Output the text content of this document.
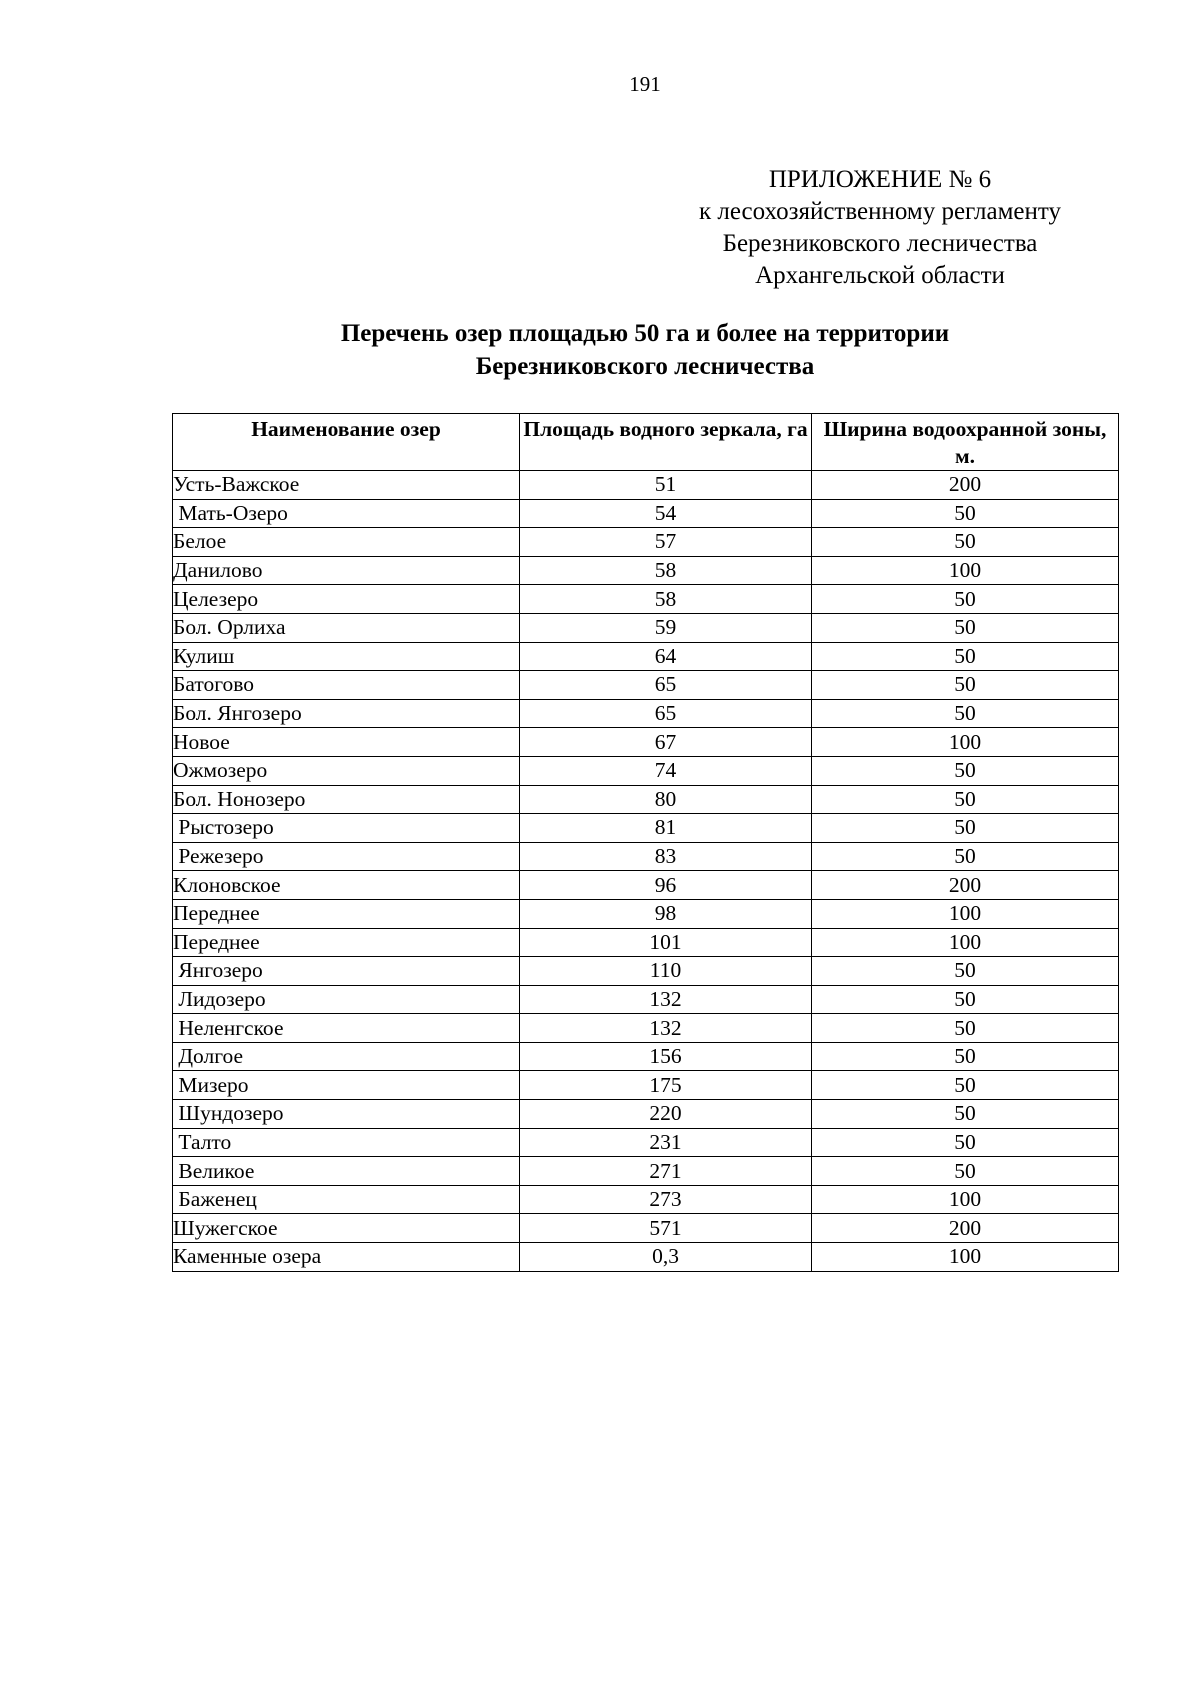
191
ПРИЛОЖЕНИЕ № 6
к лесохозяйственному регламенту
Березниковского лесничества
Архангельской области
Перечень озер площадью 50 га и более на территории
Березниковского лесничества
Наименование озер	Площадь водного зеркала, га	Ширина водоохранной зоны, м.
Усть-Важское	51	200
Мать-Озеро	54	50
Белое	57	50
Данилово	58	100
Целезеро	58	50
Бол. Орлиха	59	50
Кулиш	64	50
Батогово	65	50
Бол. Янгозеро	65	50
Новое	67	100
Ожмозеро	74	50
Бол. Нонозеро	80	50
Рыстозеро	81	50
Режезеро	83	50
Клоновское	96	200
Переднее	98	100
Переднее	101	100
Янгозеро	110	50
Лидозеро	132	50
Неленгское	132	50
Долгое	156	50
Мизеро	175	50
Шундозеро	220	50
Талто	231	50
Великое	271	50
Баженец	273	100
Шужегское	571	200
Каменные озера	0,3	100
